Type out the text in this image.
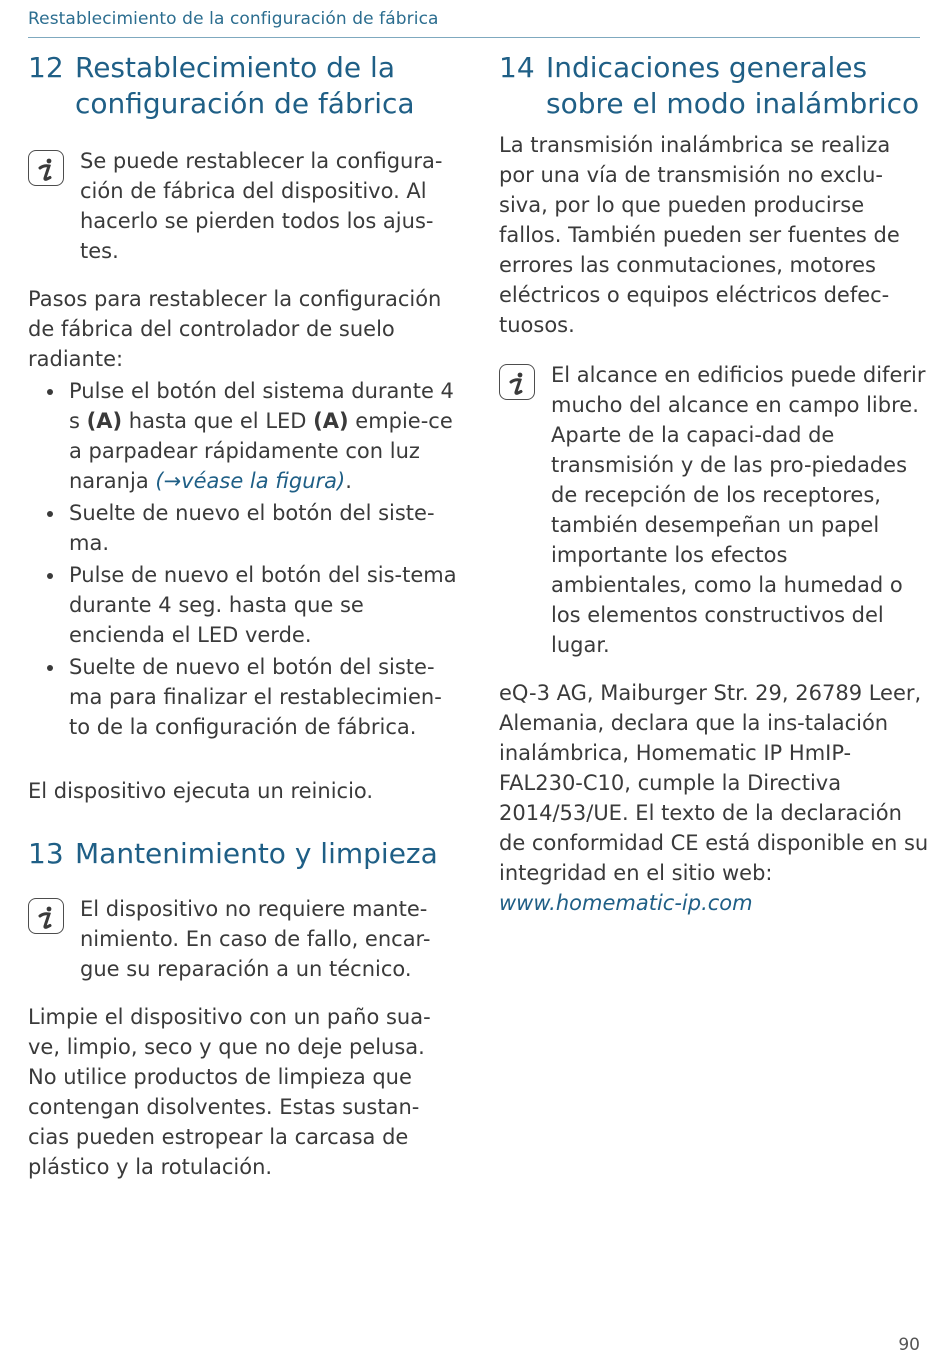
Restablecimiento de la configuración de fábrica
12 Restablecimiento de la
configuración de fábrica

Se puede restablecer la configura-ción de fábrica del dispositivo. Al hacerlo se pierden todos los ajus-tes.

Pasos para restablecer la configuración de fábrica del controlador de suelo radiante:

Pulse el botón del sistema durante 4 s (A) hasta que el LED (A) empie-ce a parpadear rápidamente con luz naranja (→véase la figura).
Suelte de nuevo el botón del siste-ma.
Pulse de nuevo el botón del sis-tema durante 4 seg. hasta que se encienda el LED verde.
Suelte de nuevo el botón del siste-ma para finalizar el restablecimien-to de la configuración de fábrica.

El dispositivo ejecuta un reinicio.

13 Mantenimiento y limpieza

El dispositivo no requiere mante-nimiento. En caso de fallo, encar-gue su reparación a un técnico.

Limpie el dispositivo con un paño sua-ve, limpio, seco y que no deje pelusa. No utilice productos de limpieza que contengan disolventes. Estas sustan-cias pueden estropear la carcasa de plástico y la rotulación.

14 Indicaciones generales
sobre el modo inalámbrico

La transmisión inalámbrica se realiza por una vía de transmisión no exclu-siva, por lo que pueden producirse fallos. También pueden ser fuentes de errores las conmutaciones, motores eléctricos o equipos eléctricos defec-tuosos.

El alcance en edificios puede diferir mucho del alcance en campo libre. Aparte de la capaci-dad de transmisión y de las pro-piedades de recepción de los receptores, también desempeñan un papel importante los efectos ambientales, como la humedad o los elementos constructivos del lugar.

eQ-3 AG, Maiburger Str. 29, 26789 Leer, Alemania, declara que la ins-talación inalámbrica, Homematic IP HmIP-FAL230-C10, cumple la Directiva 2014/53/UE. El texto de la declaración de conformidad CE está disponible en su integridad en el sitio web:

www.homematic-ip.com

90
